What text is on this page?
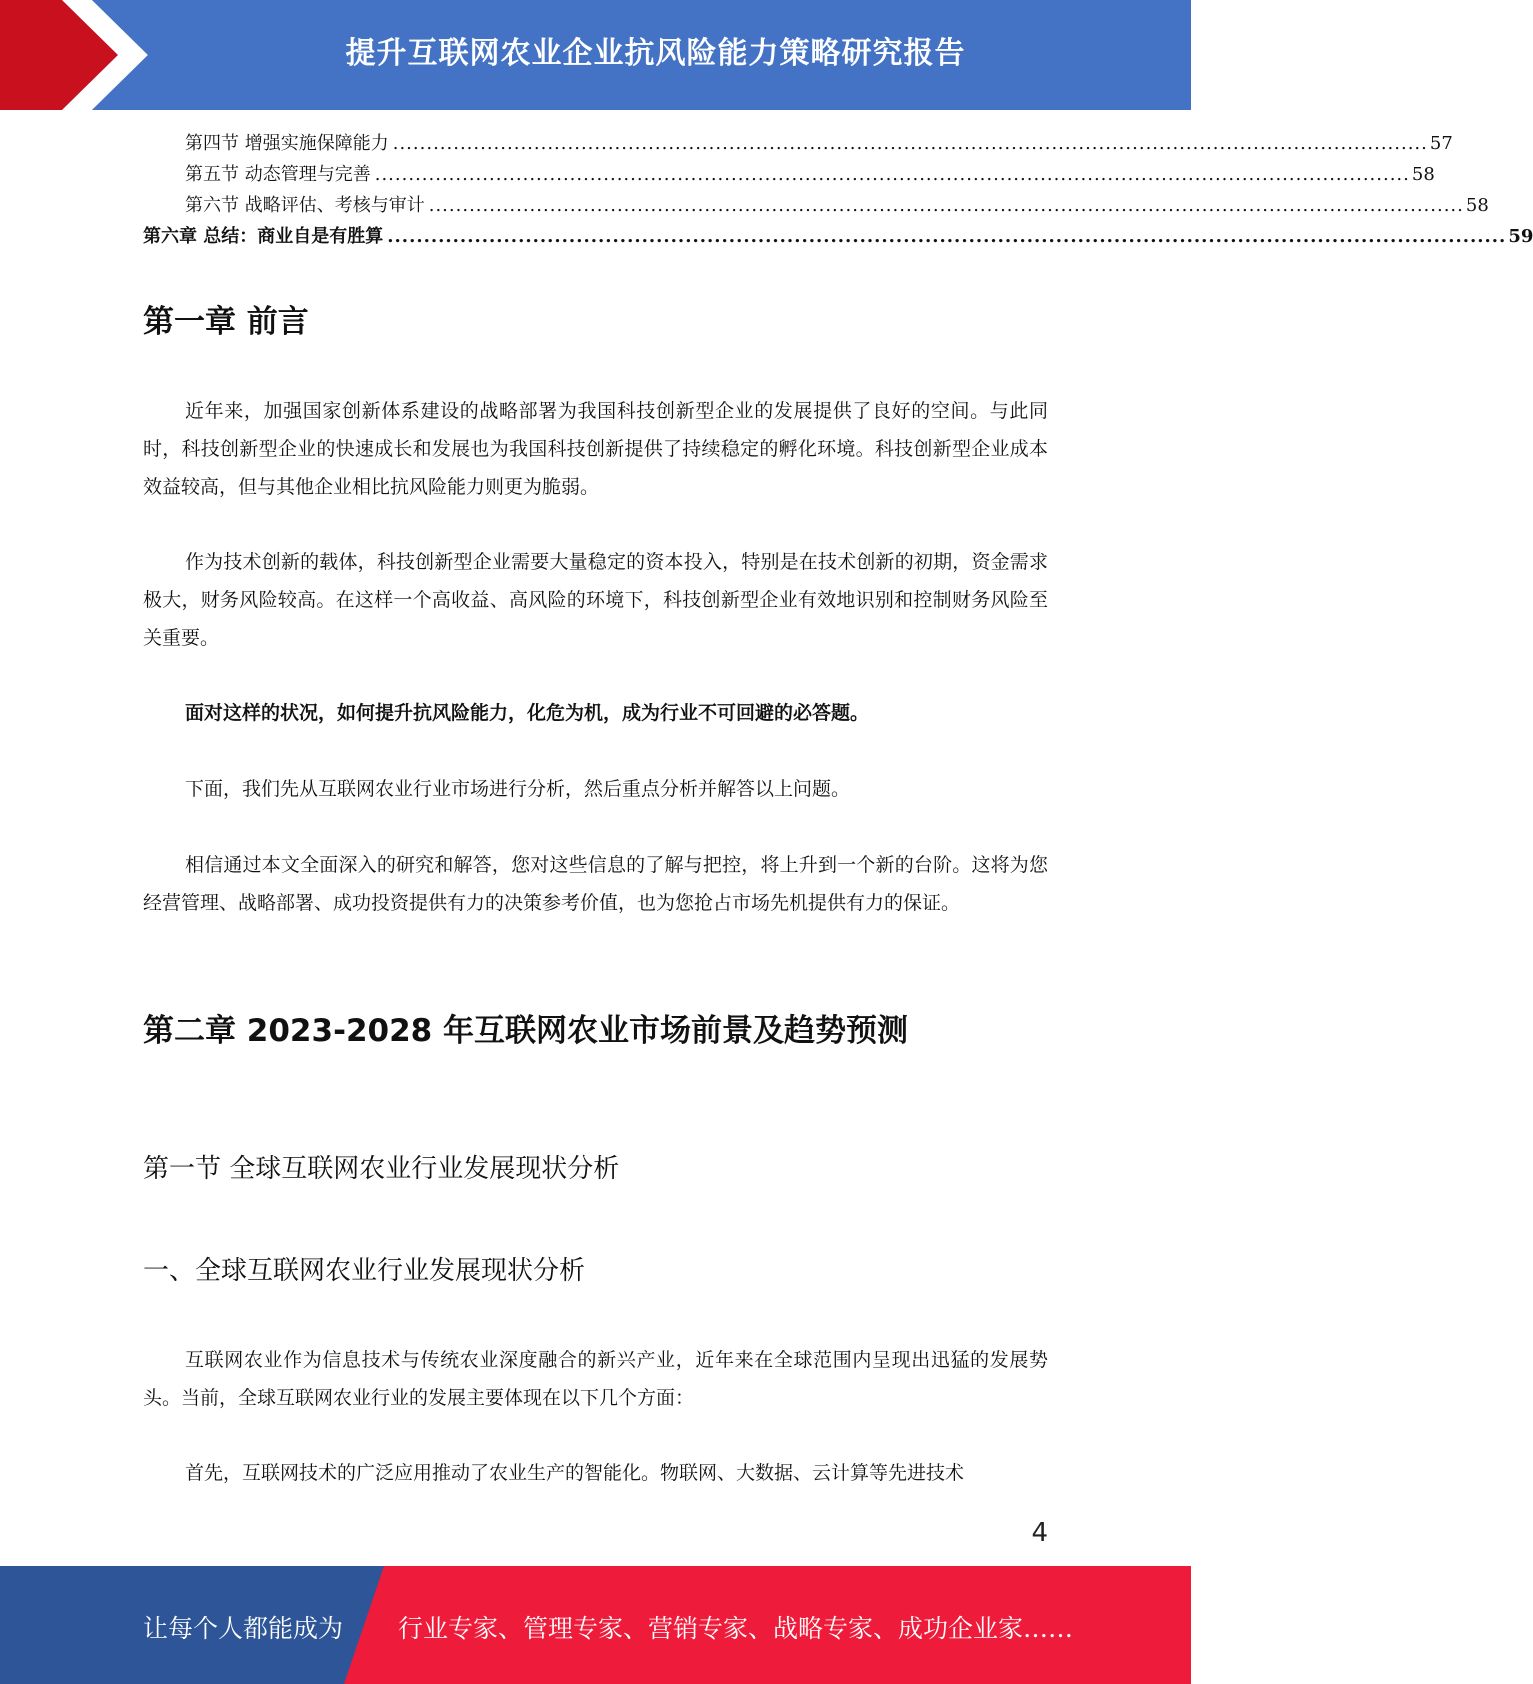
提升互联网农业企业抗风险能力策略研究报告
第四节 增强实施保障能力 .......................................................................................................................................................... 57
第五节 动态管理与完善 .......................................................................................................................................................... 58
第六节 战略评估、考核与审计 .......................................................................................................................................................... 58
第六章 总结：商业自是有胜算 .......................................................................................................................................................... 59
第一章 前言

近年来，加强国家创新体系建设的战略部署为我国科技创新型企业的发展提供了良好的空间。与此同时，科技创新型企业的快速成长和发展也为我国科技创新提供了持续稳定的孵化环境。科技创新型企业成本效益较高，但与其他企业相比抗风险能力则更为脆弱。

作为技术创新的载体，科技创新型企业需要大量稳定的资本投入，特别是在技术创新的初期，资金需求极大，财务风险较高。在这样一个高收益、高风险的环境下，科技创新型企业有效地识别和控制财务风险至关重要。

面对这样的状况，如何提升抗风险能力，化危为机，成为行业不可回避的必答题。

下面，我们先从互联网农业行业市场进行分析，然后重点分析并解答以上问题。

相信通过本文全面深入的研究和解答，您对这些信息的了解与把控，将上升到一个新的台阶。这将为您经营管理、战略部署、成功投资提供有力的决策参考价值，也为您抢占市场先机提供有力的保证。

第二章 2023-2028 年互联网农业市场前景及趋势预测
第一节 全球互联网农业行业发展现状分析
一、全球互联网农业行业发展现状分析

互联网农业作为信息技术与传统农业深度融合的新兴产业，近年来在全球范围内呈现出迅猛的发展势头。当前，全球互联网农业行业的发展主要体现在以下几个方面：

首先，互联网技术的广泛应用推动了农业生产的智能化。物联网、大数据、云计算等先进技术

4
让每个人都能成为 行业专家、管理专家、营销专家、战略专家、成功企业家……
